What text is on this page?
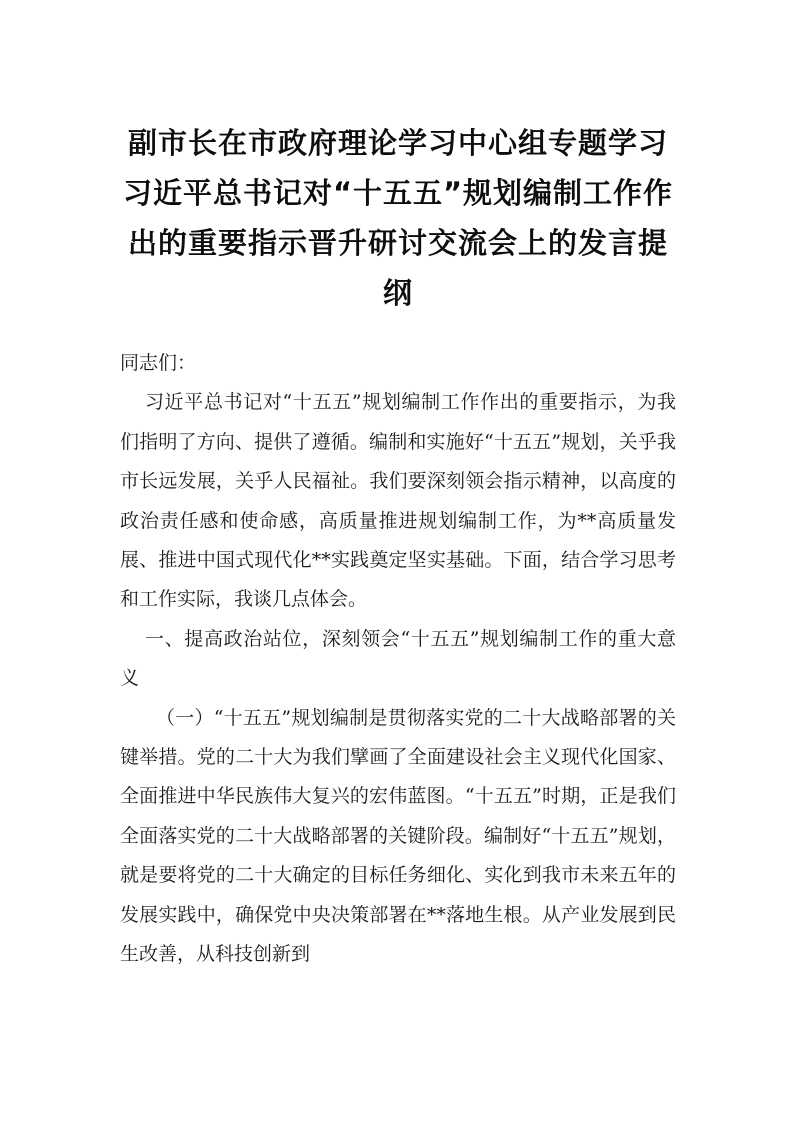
副市长在市政府理论学习中心组专题学习习近平总书记对“十五五”规划编制工作作出的重要指示晋升研讨交流会上的发言提纲

同志们：

习近平总书记对“十五五”规划编制工作作出的重要指示，为我们指明了方向、提供了遵循。编制和实施好“十五五”规划，关乎我市长远发展，关乎人民福祉。我们要深刻领会指示精神，以高度的政治责任感和使命感，高质量推进规划编制工作，为**高质量发展、推进中国式现代化**实践奠定坚实基础。下面，结合学习思考和工作实际，我谈几点体会。

一、提高政治站位，深刻领会“十五五”规划编制工作的重大意义

（一）“十五五”规划编制是贯彻落实党的二十大战略部署的关键举措。党的二十大为我们擘画了全面建设社会主义现代化国家、全面推进中华民族伟大复兴的宏伟蓝图。“十五五”时期，正是我们全面落实党的二十大战略部署的关键阶段。编制好“十五五”规划，就是要将党的二十大确定的目标任务细化、实化到我市未来五年的发展实践中，确保党中央决策部署在**落地生根。从产业发展到民生改善，从科技创新到
